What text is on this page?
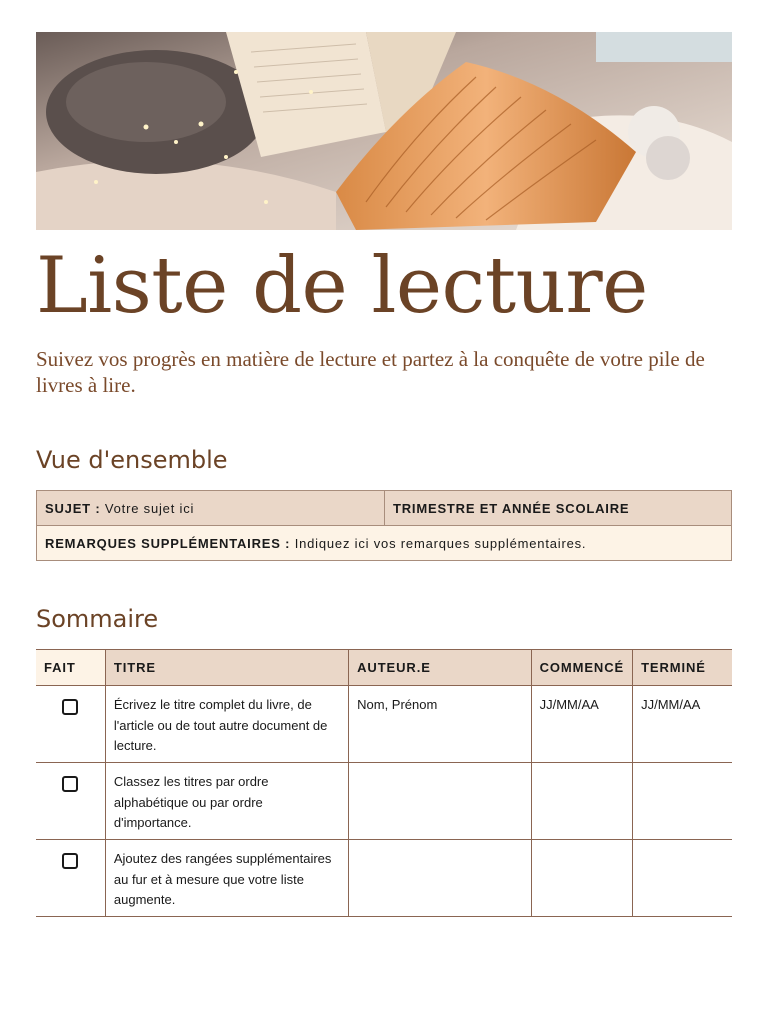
Liste de lecture

Suivez vos progrès en matière de lecture et partez à la conquête de votre pile de livres à lire.

Vue d'ensemble
SUJET : Votre sujet ici	TRIMESTRE ET ANNÉE SCOLAIRE
REMARQUES SUPPLÉMENTAIRES : Indiquez ici vos remarques supplémentaires.
Sommaire
FAIT	TITRE	AUTEUR.E	COMMENCÉ	TERMINÉ
	Écrivez le titre complet du livre, de l'article ou de tout autre document de lecture.	Nom, Prénom	JJ/MM/AA	JJ/MM/AA
	Classez les titres par ordre alphabétique ou par ordre d'importance.			
	Ajoutez des rangées supplémentaires au fur et à mesure que votre liste augmente.			
